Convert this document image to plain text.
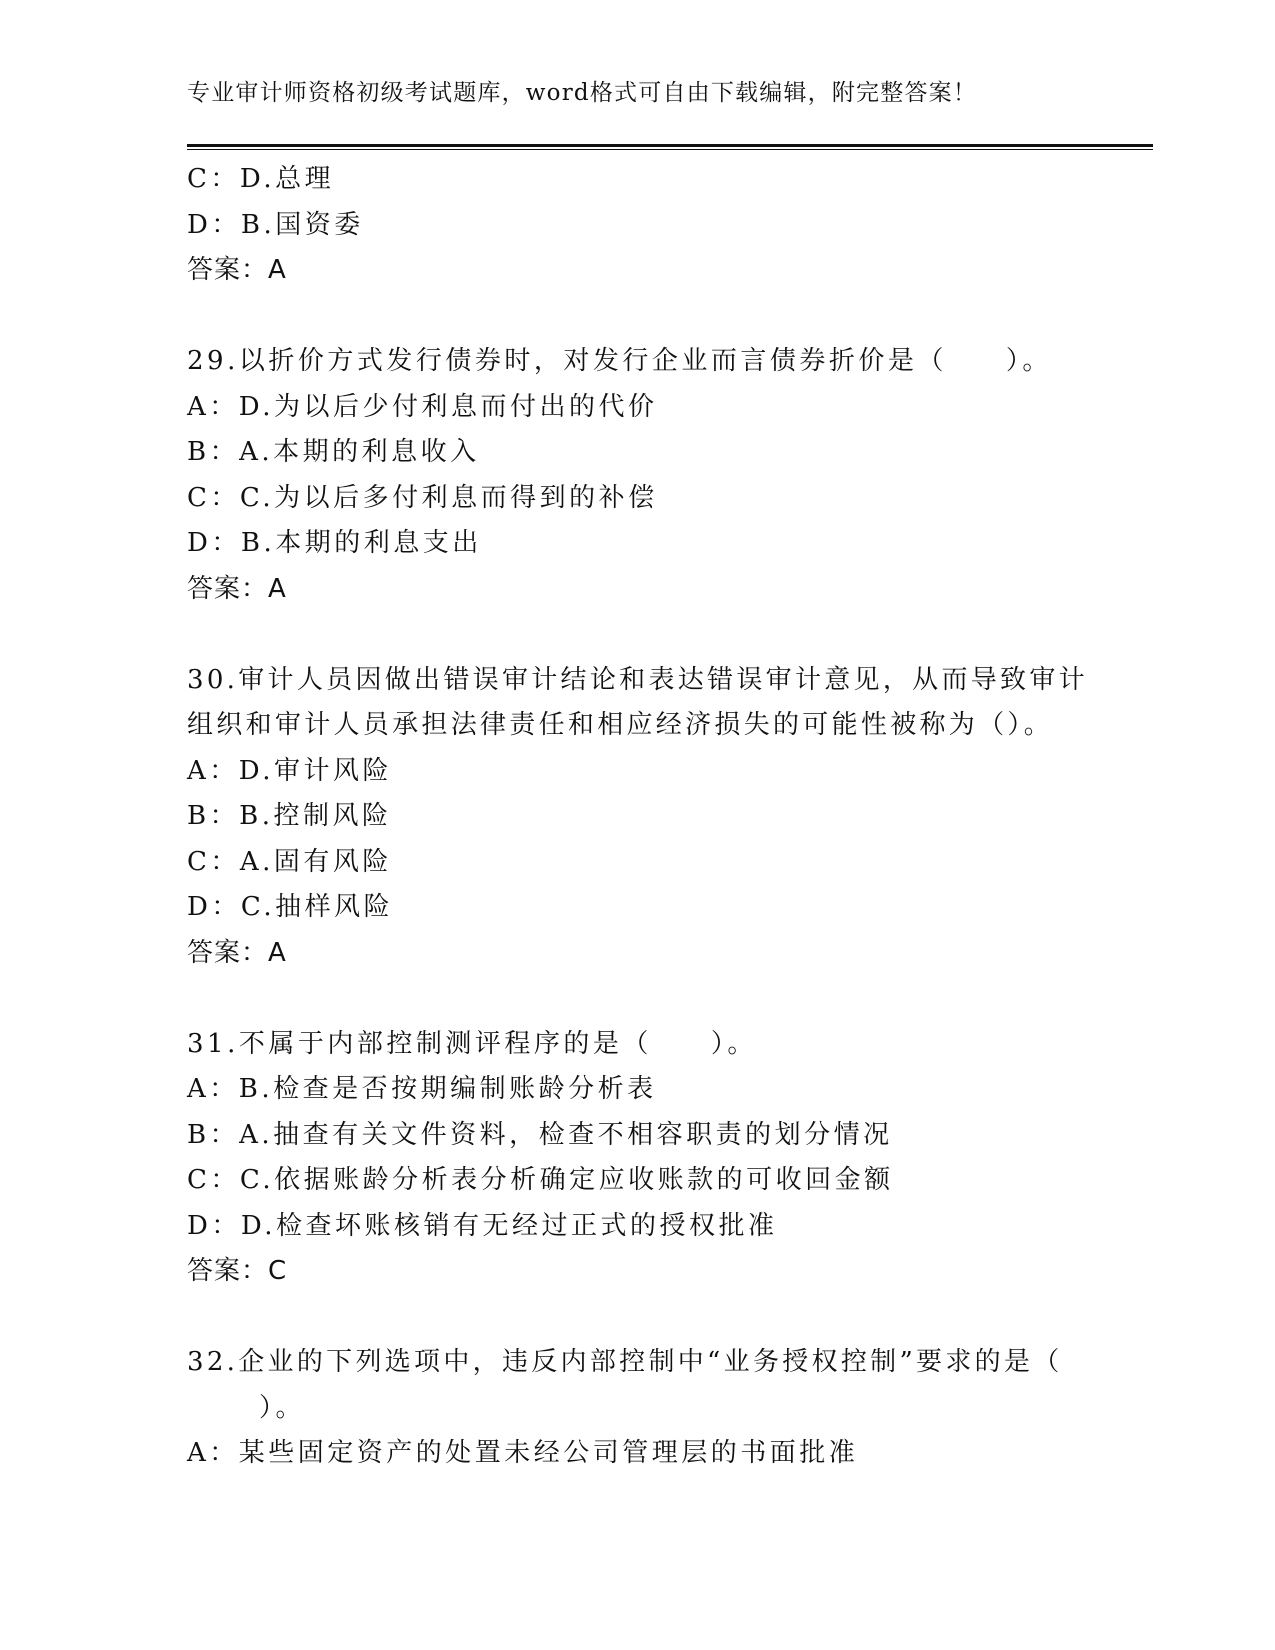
专业审计师资格初级考试题库，word格式可自由下载编辑，附完整答案！
C：D.总理
D：B.国资委
答案：A
29.以折价方式发行债券时，对发行企业而言债券折价是（　　）。
A：D.为以后少付利息而付出的代价
B：A.本期的利息收入
C：C.为以后多付利息而得到的补偿
D：B.本期的利息支出
答案：A
30.审计人员因做出错误审计结论和表达错误审计意见，从而导致审计
组织和审计人员承担法律责任和相应经济损失的可能性被称为（）。
A：D.审计风险
B：B.控制风险
C：A.固有风险
D：C.抽样风险
答案：A
31.不属于内部控制测评程序的是（　　）。
A：B.检查是否按期编制账龄分析表
B：A.抽查有关文件资料，检查不相容职责的划分情况
C：C.依据账龄分析表分析确定应收账款的可收回金额
D：D.检查坏账核销有无经过正式的授权批准
答案：C
32.企业的下列选项中，违反内部控制中“业务授权控制”要求的是（
）。
A：某些固定资产的处置未经公司管理层的书面批准
